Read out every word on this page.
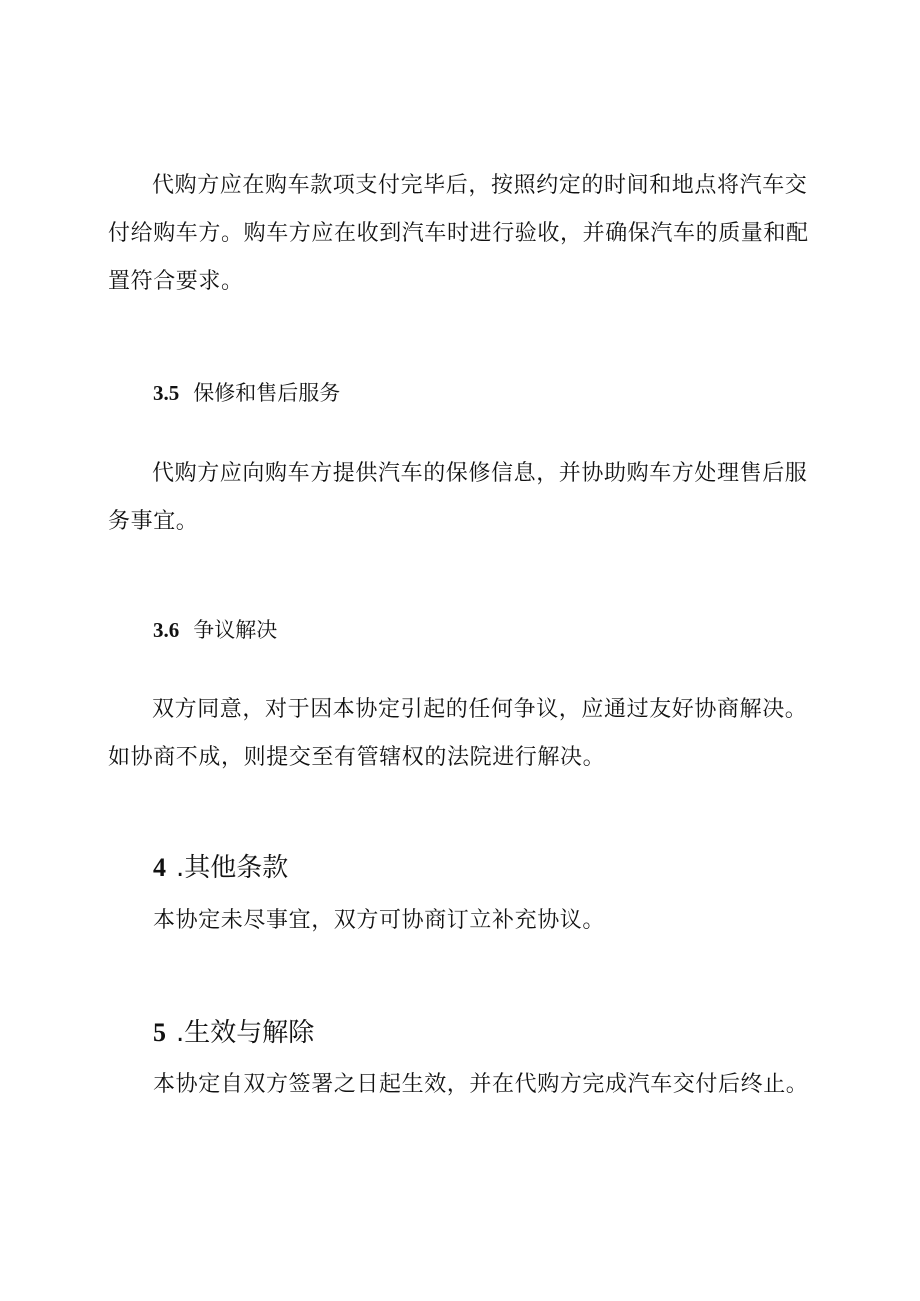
代购方应在购车款项支付完毕后，按照约定的时间和地点将汽车交付给购车方。购车方应在收到汽车时进行验收，并确保汽车的质量和配置符合要求。

3.5 保修和售后服务

代购方应向购车方提供汽车的保修信息，并协助购车方处理售后服务事宜。

3.6 争议解决

双方同意，对于因本协定引起的任何争议，应通过友好协商解决。如协商不成，则提交至有管辖权的法院进行解决。

4 .其他条款

本协定未尽事宜，双方可协商订立补充协议。

5 .生效与解除

本协定自双方签署之日起生效，并在代购方完成汽车交付后终止。
